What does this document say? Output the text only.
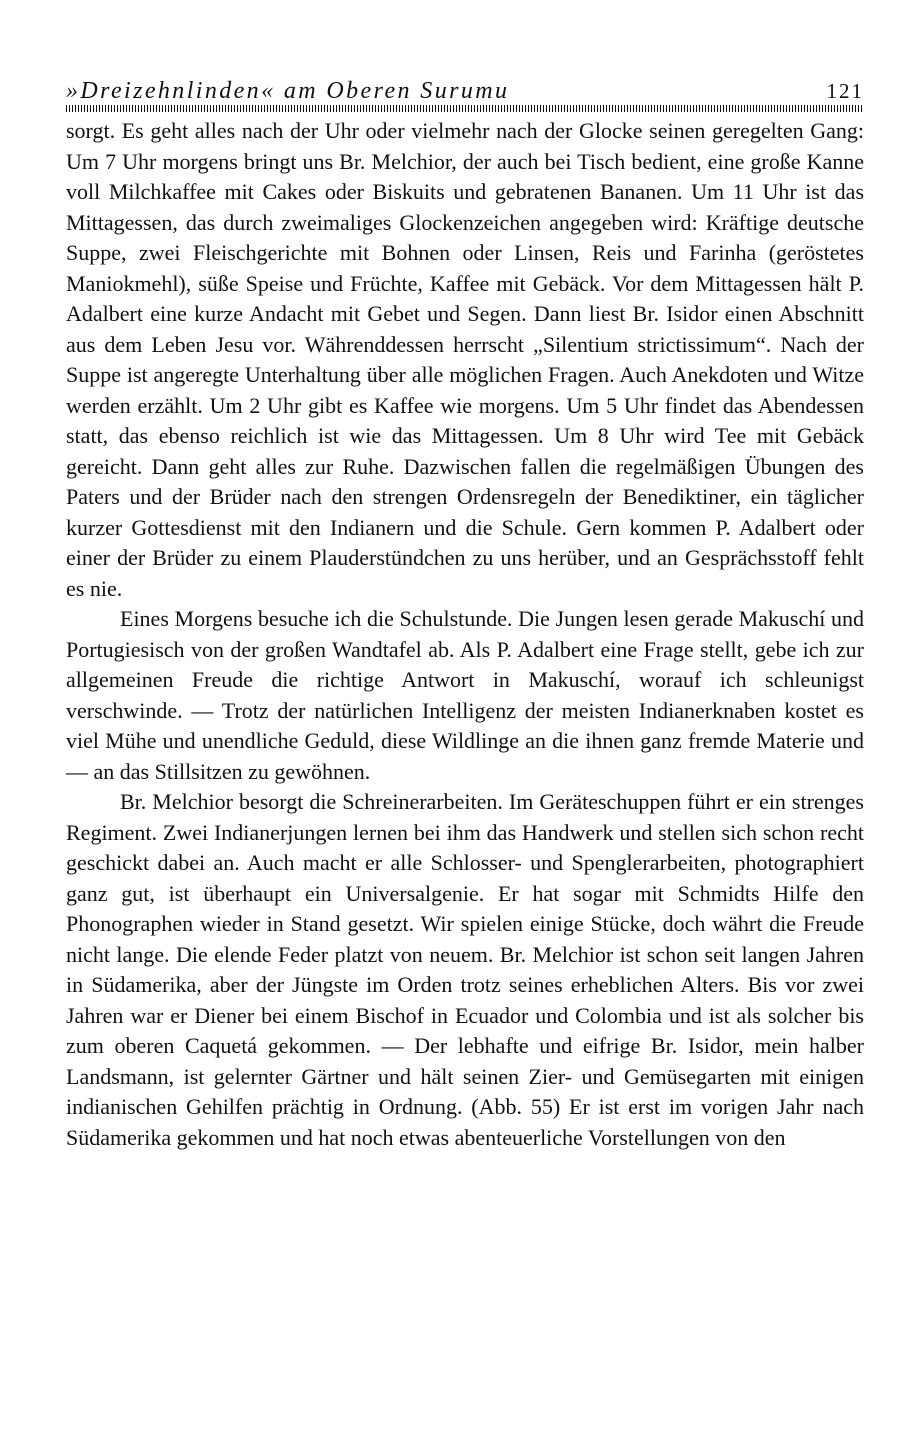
»Dreizehnlinden« am Oberen Surumu	121

sorgt. Es geht alles nach der Uhr oder vielmehr nach der Glocke seinen geregelten Gang: Um 7 Uhr morgens bringt uns Br. Melchior, der auch bei Tisch bedient, eine große Kanne voll Milchkaffee mit Cakes oder Biskuits und gebratenen Bananen. Um 11 Uhr ist das Mittagessen, das durch zweimaliges Glockenzeichen angegeben wird: Kräftige deutsche Suppe, zwei Fleischgerichte mit Bohnen oder Linsen, Reis und Farinha (geröstetes Maniokmehl), süße Speise und Früchte, Kaffee mit Gebäck. Vor dem Mittagessen hält P. Adalbert eine kurze Andacht mit Gebet und Segen. Dann liest Br. Isidor einen Abschnitt aus dem Leben Jesu vor. Währenddessen herrscht „Silentium strictissimum“. Nach der Suppe ist angeregte Unterhaltung über alle möglichen Fragen. Auch Anekdoten und Witze werden erzählt. Um 2 Uhr gibt es Kaffee wie morgens. Um 5 Uhr findet das Abendessen statt, das ebenso reichlich ist wie das Mittagessen. Um 8 Uhr wird Tee mit Gebäck gereicht. Dann geht alles zur Ruhe. Dazwischen fallen die regelmäßigen Übungen des Paters und der Brüder nach den strengen Ordensregeln der Benediktiner, ein täglicher kurzer Gottesdienst mit den Indianern und die Schule. Gern kommen P. Adalbert oder einer der Brüder zu einem Plauderstündchen zu uns herüber, und an Gesprächsstoff fehlt es nie.

Eines Morgens besuche ich die Schulstunde. Die Jungen lesen gerade Makuschí und Portugiesisch von der großen Wandtafel ab. Als P. Adalbert eine Frage stellt, gebe ich zur allgemeinen Freude die richtige Antwort in Makuschí, worauf ich schleunigst verschwinde. — Trotz der natürlichen Intelligenz der meisten Indianerknaben kostet es viel Mühe und unendliche Geduld, diese Wildlinge an die ihnen ganz fremde Materie und — an das Stillsitzen zu gewöhnen.

Br. Melchior besorgt die Schreinerarbeiten. Im Geräteschuppen führt er ein strenges Regiment. Zwei Indianerjungen lernen bei ihm das Handwerk und stellen sich schon recht geschickt dabei an. Auch macht er alle Schlosser- und Spenglerarbeiten, photographiert ganz gut, ist überhaupt ein Universalgenie. Er hat sogar mit Schmidts Hilfe den Phonographen wieder in Stand gesetzt. Wir spielen einige Stücke, doch währt die Freude nicht lange. Die elende Feder platzt von neuem. Br. Melchior ist schon seit langen Jahren in Südamerika, aber der Jüngste im Orden trotz seines erheblichen Alters. Bis vor zwei Jahren war er Diener bei einem Bischof in Ecuador und Colombia und ist als solcher bis zum oberen Caquetá gekommen. — Der lebhafte und eifrige Br. Isidor, mein halber Landsmann, ist gelernter Gärtner und hält seinen Zier- und Gemüsegarten mit einigen indianischen Gehilfen prächtig in Ordnung. (Abb. 55) Er ist erst im vorigen Jahr nach Südamerika gekommen und hat noch etwas abenteuerliche Vorstellungen von den
